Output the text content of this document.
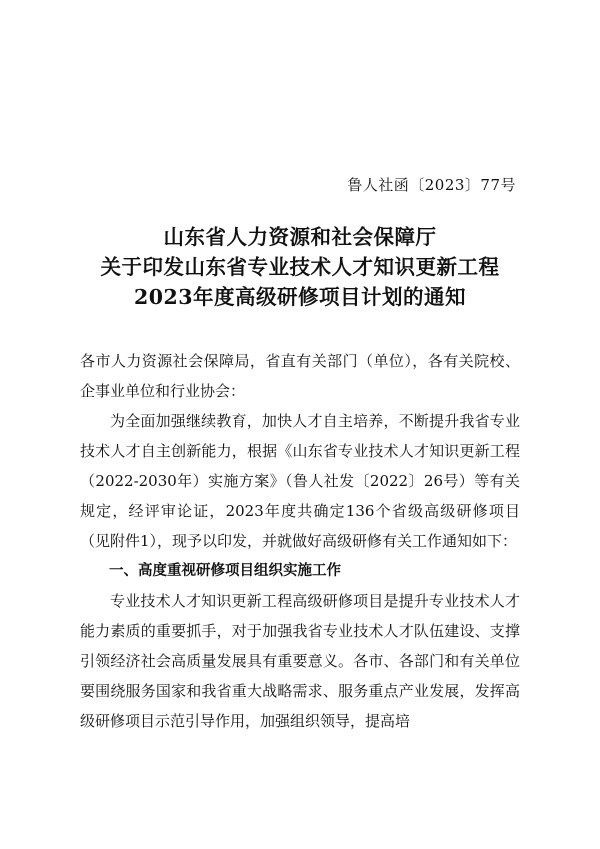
鲁人社函〔2023〕77号
山东省人力资源和社会保障厅
关于印发山东省专业技术人才知识更新工程
2023年度高级研修项目计划的通知

各市人力资源社会保障局，省直有关部门（单位），各有关院校、企事业单位和行业协会：

为全面加强继续教育，加快人才自主培养，不断提升我省专业技术人才自主创新能力，根据《山东省专业技术人才知识更新工程（2022-2030年）实施方案》（鲁人社发〔2022〕26号）等有关规定，经评审论证，2023年度共确定136个省级高级研修项目（见附件1），现予以印发，并就做好高级研修有关工作通知如下：

一、高度重视研修项目组织实施工作

专业技术人才知识更新工程高级研修项目是提升专业技术人才能力素质的重要抓手，对于加强我省专业技术人才队伍建设、支撑引领经济社会高质量发展具有重要意义。各市、各部门和有关单位要围绕服务国家和我省重大战略需求、服务重点产业发展，发挥高级研修项目示范引导作用，加强组织领导，提高培
